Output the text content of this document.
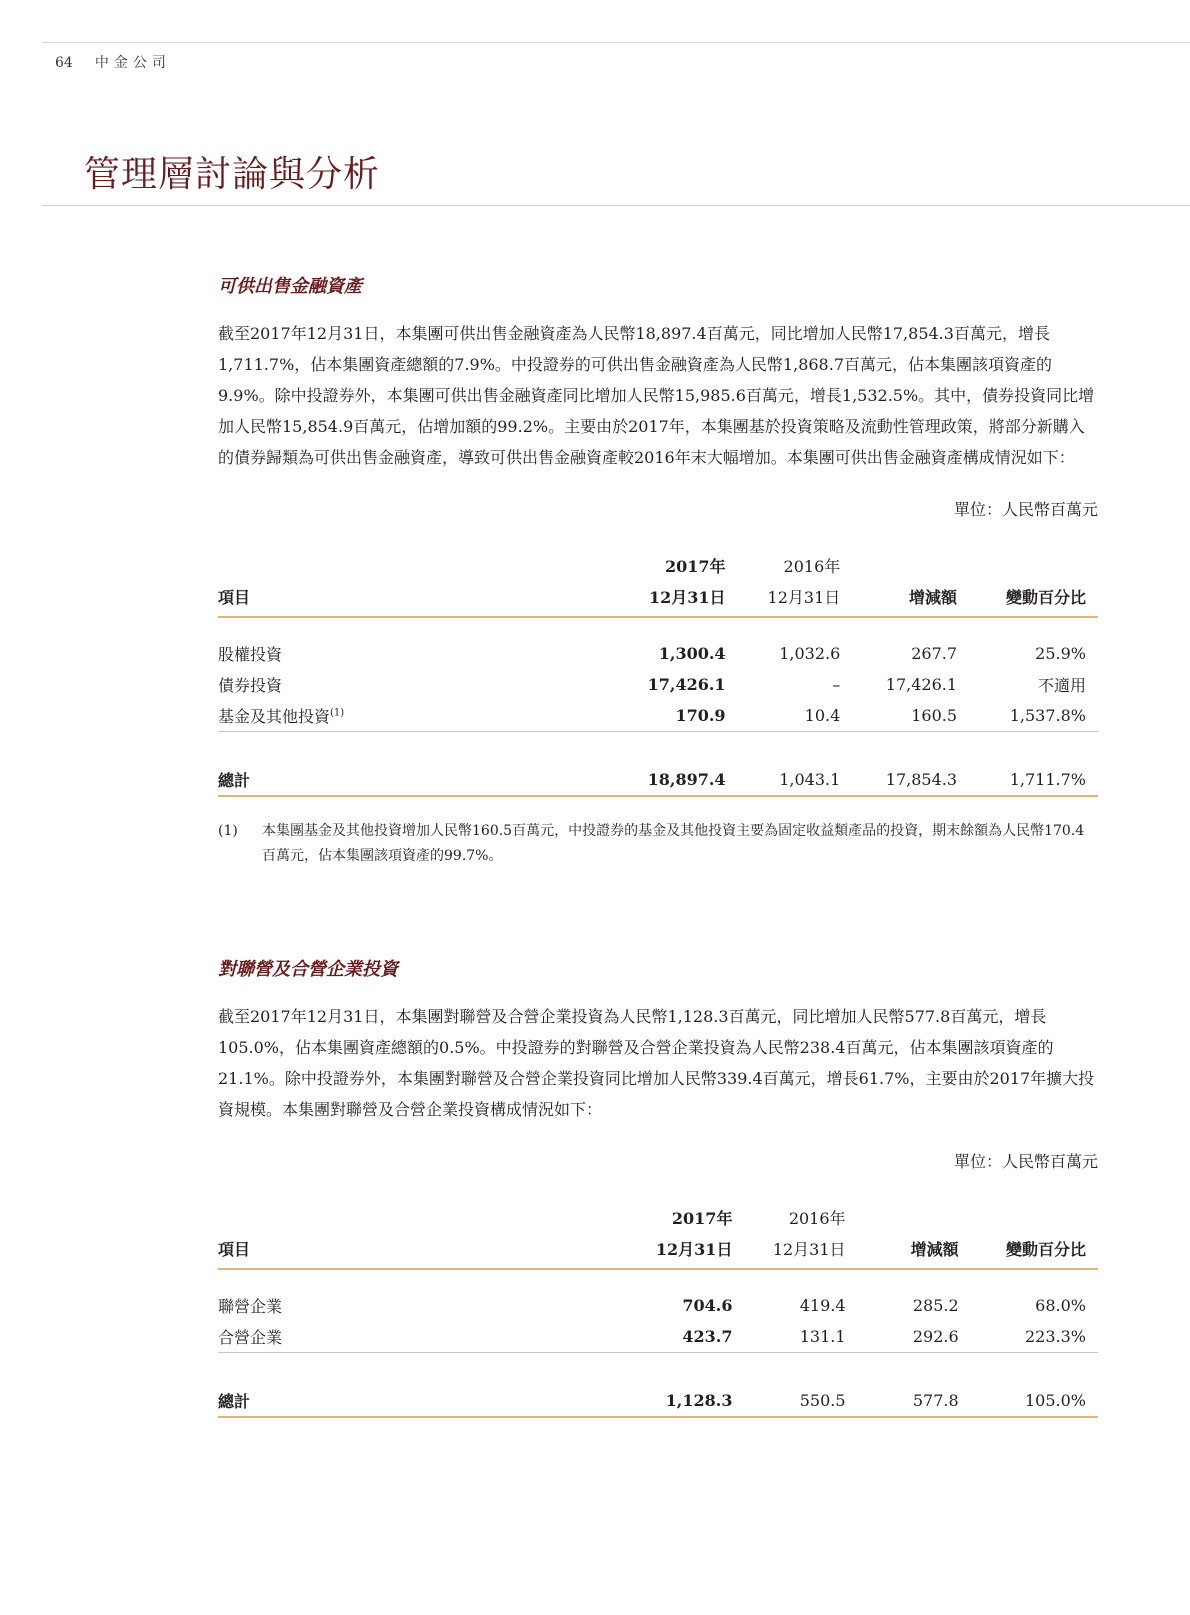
64 中金公司
管理層討論與分析
可供出售金融資產

截至2017年12月31日，本集團可供出售金融資產為人民幣18,897.4百萬元，同比增加人民幣17,854.3百萬元，增長1,711.7%，佔本集團資產總額的7.9%。中投證券的可供出售金融資產為人民幣1,868.7百萬元，佔本集團該項資產的9.9%。除中投證券外，本集團可供出售金融資產同比增加人民幣15,985.6百萬元，增長1,532.5%。其中，債券投資同比增加人民幣15,854.9百萬元，佔增加額的99.2%。主要由於2017年，本集團基於投資策略及流動性管理政策，將部分新購入的債券歸類為可供出售金融資產，導致可供出售金融資產較2016年末大幅增加。本集團可供出售金融資產構成情況如下：

單位：人民幣百萬元
	2017年	2016年		
項目	12月31日	12月31日	增減額	變動百分比

股權投資	1,300.4	1,032.6	267.7	25.9%
債券投資	17,426.1	–	17,426.1	不適用
基金及其他投資$^{(1)}$	170.9	10.4	160.5	1,537.8%

總計	18,897.4	1,043.1	17,854.3	1,711.7%
(1)	本集團基金及其他投資增加人民幣160.5百萬元，中投證券的基金及其他投資主要為固定收益類產品的投資，期末餘額為人民幣170.4百萬元，佔本集團該項資產的99.7%。
對聯營及合營企業投資

截至2017年12月31日，本集團對聯營及合營企業投資為人民幣1,128.3百萬元，同比增加人民幣577.8百萬元，增長105.0%，佔本集團資產總額的0.5%。中投證券的對聯營及合營企業投資為人民幣238.4百萬元，佔本集團該項資產的21.1%。除中投證券外，本集團對聯營及合營企業投資同比增加人民幣339.4百萬元，增長61.7%，主要由於2017年擴大投資規模。本集團對聯營及合營企業投資構成情況如下：

單位：人民幣百萬元
	2017年	2016年		
項目	12月31日	12月31日	增減額	變動百分比

聯營企業	704.6	419.4	285.2	68.0%
合營企業	423.7	131.1	292.6	223.3%

總計	1,128.3	550.5	577.8	105.0%
